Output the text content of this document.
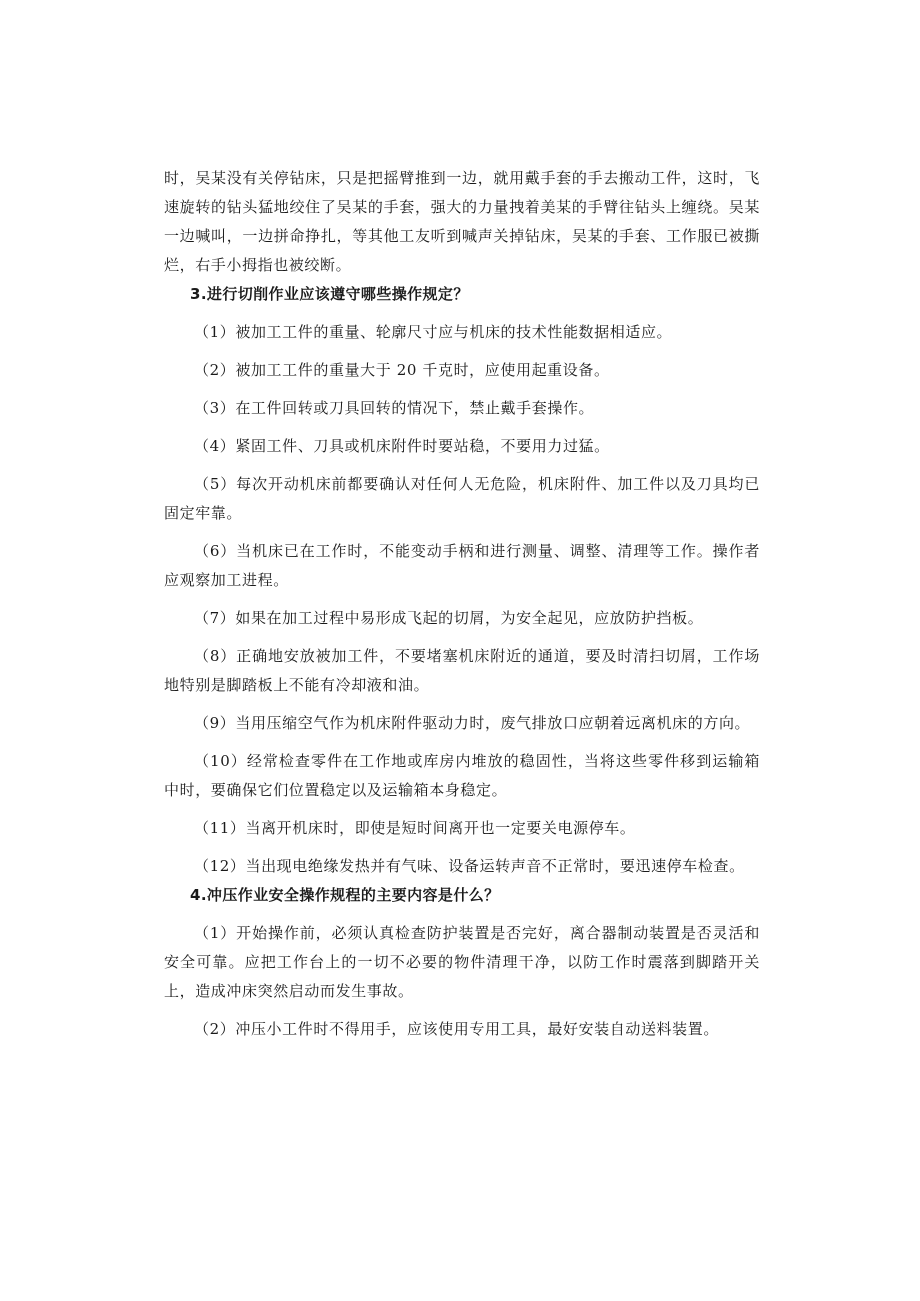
时，吴某没有关停钻床，只是把摇臂推到一边，就用戴手套的手去搬动工件，这时，飞速旋转的钻头猛地绞住了吴某的手套，强大的力量拽着美某的手臂往钻头上缠绕。吴某一边喊叫，一边拼命挣扎，等其他工友听到喊声关掉钻床，吴某的手套、工作服已被撕烂，右手小拇指也被绞断。

3.进行切削作业应该遵守哪些操作规定？

（1）被加工工件的重量、轮廓尺寸应与机床的技术性能数据相适应。

（2）被加工工件的重量大于 20 千克时，应使用起重设备。

（3）在工件回转或刀具回转的情况下，禁止戴手套操作。

（4）紧固工件、刀具或机床附件时要站稳，不要用力过猛。

（5）每次开动机床前都要确认对任何人无危险，机床附件、加工件以及刀具均已固定牢靠。

（6）当机床已在工作时，不能变动手柄和进行测量、调整、清理等工作。操作者应观察加工进程。

（7）如果在加工过程中易形成飞起的切屑，为安全起见，应放防护挡板。

（8）正确地安放被加工件，不要堵塞机床附近的通道，要及时清扫切屑，工作场地特别是脚踏板上不能有冷却液和油。

（9）当用压缩空气作为机床附件驱动力时，废气排放口应朝着远离机床的方向。

（10）经常检查零件在工作地或库房内堆放的稳固性，当将这些零件移到运输箱中时，要确保它们位置稳定以及运输箱本身稳定。

（11）当离开机床时，即使是短时间离开也一定要关电源停车。

（12）当出现电绝缘发热并有气味、设备运转声音不正常时，要迅速停车检查。

4.冲压作业安全操作规程的主要内容是什么？

（1）开始操作前，必须认真检查防护装置是否完好，离合器制动装置是否灵活和安全可靠。应把工作台上的一切不必要的物件清理干净，以防工作时震落到脚踏开关上，造成冲床突然启动而发生事故。

（2）冲压小工件时不得用手，应该使用专用工具，最好安装自动送料装置。
